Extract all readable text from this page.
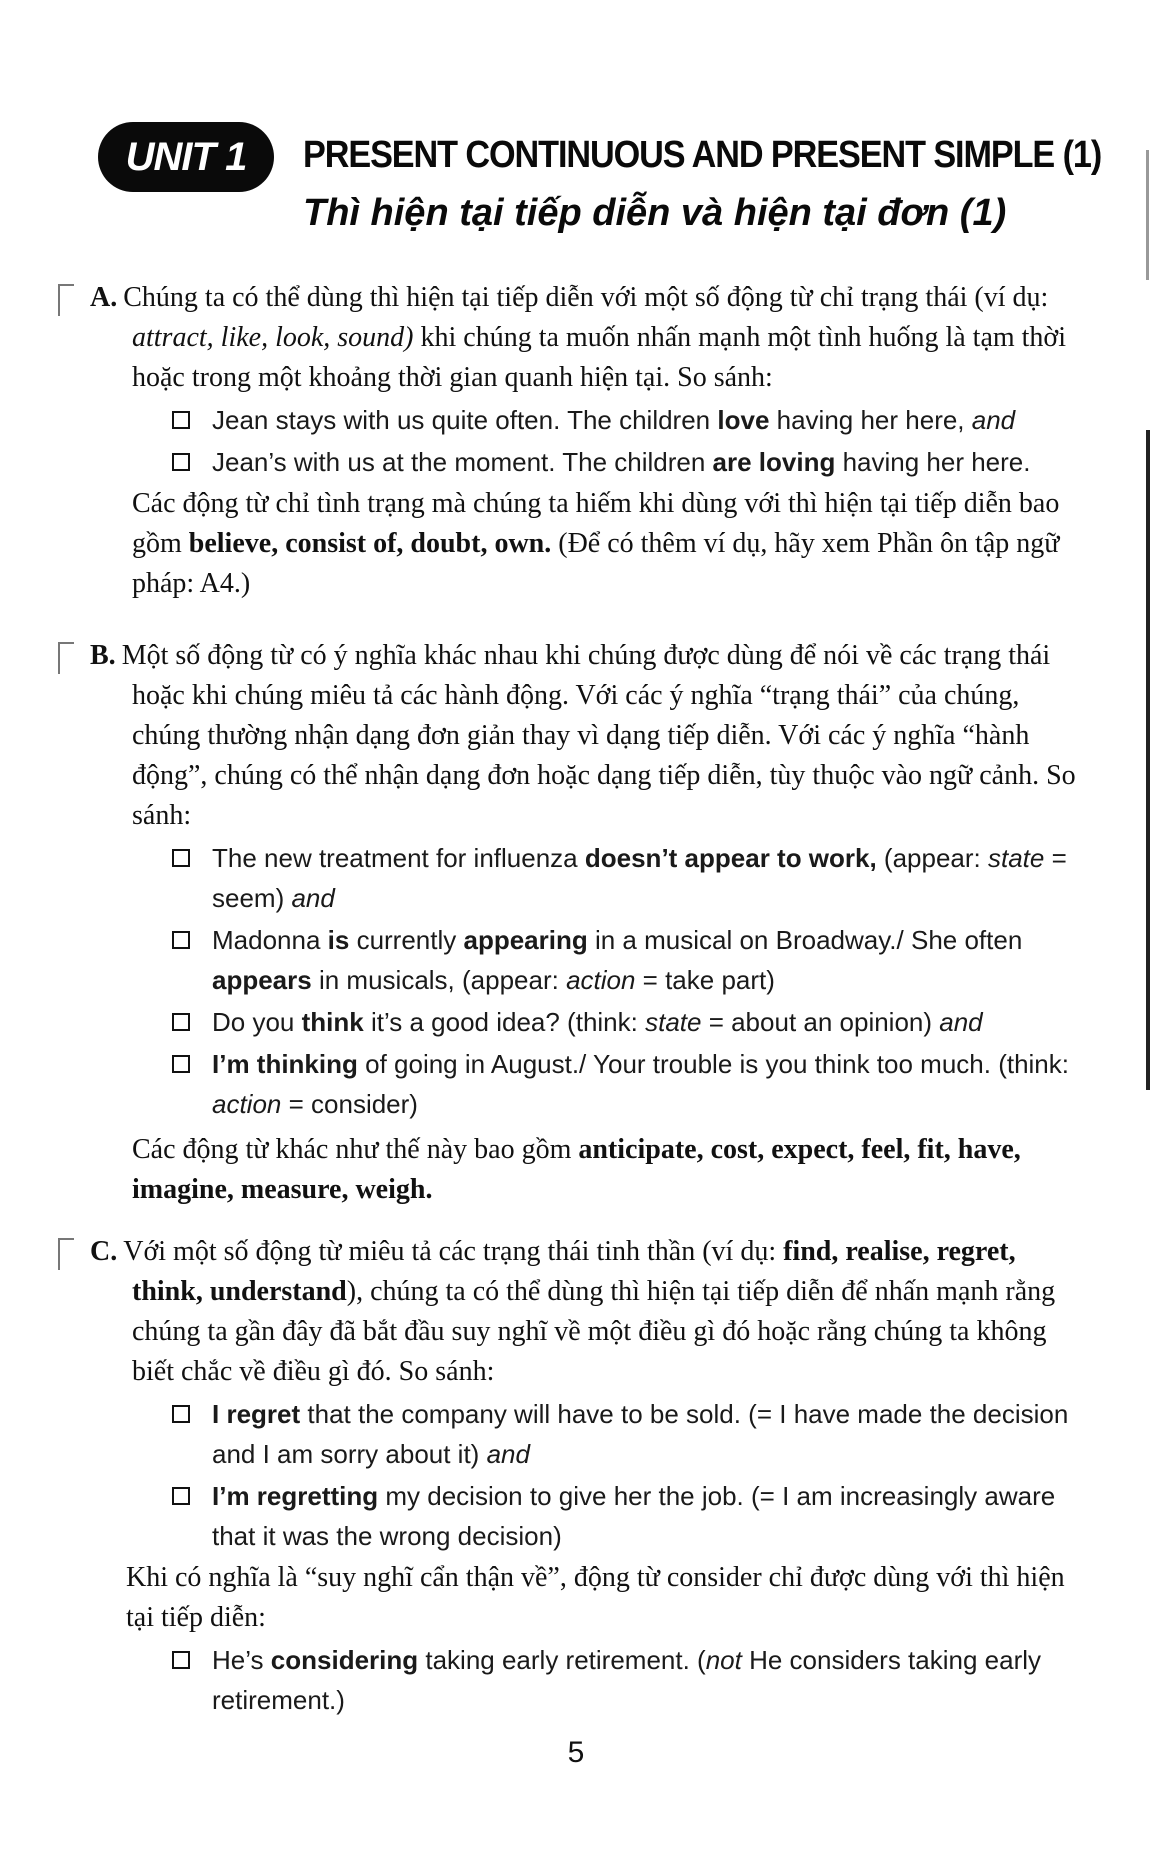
UNIT 1 PRESENT CONTINUOUS AND PRESENT SIMPLE (1)
Thì hiện tại tiếp diễn và hiện tại đơn (1)

A. Chúng ta có thể dùng thì hiện tại tiếp diễn với một số động từ chỉ trạng thái (ví dụ: attract, like, look, sound) khi chúng ta muốn nhấn mạnh một tình huống là tạm thời hoặc trong một khoảng thời gian quanh hiện tại. So sánh:

Jean stays with us quite often. The children love having her here, and
Jean’s with us at the moment. The children are loving having her here.

Các động từ chỉ tình trạng mà chúng ta hiếm khi dùng với thì hiện tại tiếp diễn bao gồm believe, consist of, doubt, own. (Để có thêm ví dụ, hãy xem Phần ôn tập ngữ pháp: A4.)

B. Một số động từ có ý nghĩa khác nhau khi chúng được dùng để nói về các trạng thái hoặc khi chúng miêu tả các hành động. Với các ý nghĩa “trạng thái” của chúng, chúng thường nhận dạng đơn giản thay vì dạng tiếp diễn. Với các ý nghĩa “hành động”, chúng có thể nhận dạng đơn hoặc dạng tiếp diễn, tùy thuộc vào ngữ cảnh. So sánh:

The new treatment for influenza doesn’t appear to work, (appear: state = seem) and
Madonna is currently appearing in a musical on Broadway./ She often appears in musicals, (appear: action = take part)
Do you think it’s a good idea? (think: state = about an opinion) and
I’m thinking of going in August./ Your trouble is you think too much. (think: action = consider)

Các động từ khác như thế này bao gồm anticipate, cost, expect, feel, fit, have, imagine, measure, weigh.

C. Với một số động từ miêu tả các trạng thái tinh thần (ví dụ: find, realise, regret, think, understand), chúng ta có thể dùng thì hiện tại tiếp diễn để nhấn mạnh rằng chúng ta gần đây đã bắt đầu suy nghĩ về một điều gì đó hoặc rằng chúng ta không biết chắc về điều gì đó. So sánh:

I regret that the company will have to be sold. (= I have made the decision and I am sorry about it) and
I’m regretting my decision to give her the job. (= I am increasingly aware that it was the wrong decision)

Khi có nghĩa là “suy nghĩ cẩn thận về”, động từ consider chỉ được dùng với thì hiện tại tiếp diễn:

He’s considering taking early retirement. (not He considers taking early retirement.)
5
